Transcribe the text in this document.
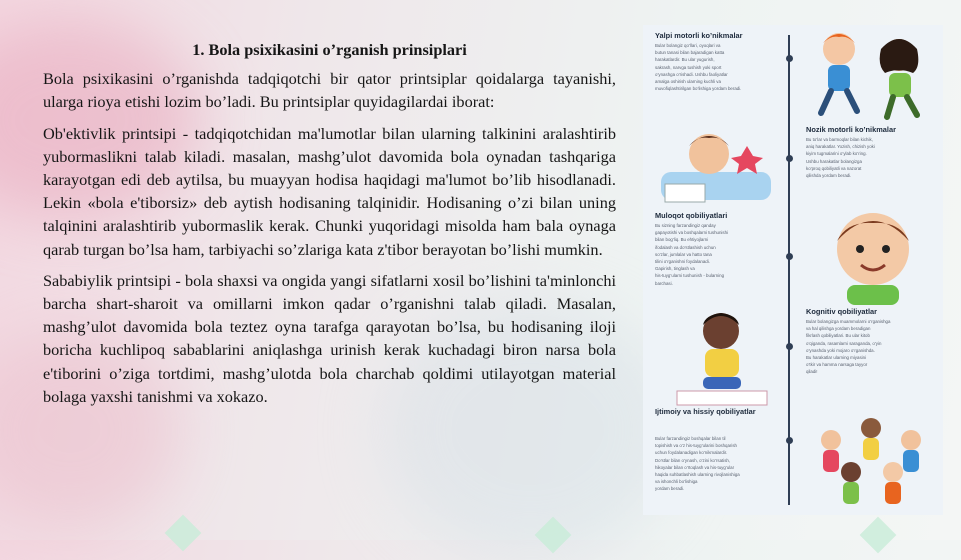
1. Bola psixikasini o’rganish prinsiplari

Bola psixikasini o’rganishda tadqiqotchi bir qator printsiplar qoidalarga tayanishi, ularga rioya etishi lozim bo’ladi. Bu printsiplar quyidagilardai iborat:

Ob'ektivlik printsipi - tadqiqotchidan ma'lumotlar bilan ularning talkinini aralashtirib yubormaslikni talab kiladi. masalan, mashg’ulot davomida bola oynadan tashqariga karayotgan edi deb aytilsa, bu muayyan hodisa haqidagi ma'lumot bo’lib hisodlanadi. Lekin «bola e'tiborsiz» deb aytish hodisaning talqinidir. Hodisaning o’zi bilan uning talqinini aralashtirib yubormaslik kerak. Chunki yuqoridagi misolda ham bala oynaga qarab turgan bo’lsa ham, tarbiyachi so’zlariga kata z'tibor berayotan bo’lishi mumkin.

Sababiylik printsipi - bola shaxsi va ongida yangi sifatlarni xosil bo’lishini ta'minlonchi barcha shart-sharoit va omillarni imkon qadar o’rganishni talab qiladi. Masalan, mashg’ulot davomida bola teztez oyna tarafga qarayotan bo’lsa, bu hodisaning iloji boricha kuchlipoq sabablarini aniqlashga urinish kerak kuchadagi biron narsa bola e'tiborini o’ziga tortdimi, mashg’ulotda bola charchab qoldimi utilayotgan material bolaga yaxshi tanishmi va xokazo.

Yalpi motorli ko’nikmalar
Bular bolangiz qo’llari, oyoqlari va
butun tanasi bilan bajaradigan katta
harakatlardir. Bu ular yugurish,
sakrash, narvga tushish yoki sport
o’ynashga o’rishadi. Ushbu faoliyatlar
amalga oshirish ularning kuchli va
muvofiqlashtirilgan bo’lishiga yordam beradi.
Nozik motorli ko’nikmalar
Bu to’lar va barmoqlar bilan kichik,
aniq harakatlar. Yozish, chizish yoki
kiyim tugmalarini o’ylab ko’ring.
Ushbu harakatlar bolangizga
ko’proq qobiliyatli va nazorat
qilishda yordam beradi.
Muloqot qobiliyatlari
Bu sizning farzandingiz qanday
gapayotishi va boshqalarni tushunishi
bilan bog’liq. Bu ehtiyojlarni
ifodalash va do’stlashish uchun
so’zlar, jumlalar va hatto tana
tilini o’rganishni foydalanadi.
Gapirish, tinglash va
his-tuyg’ularni tushunish - bularning
barchasi.
Kognitiv qobiliyatlar
Bular bolangizga muammolarni o’rganishga
va hal qilishga yordam beradigan
fikrlash qobiliyatlari. Bu ular kitob
o’qiganda, rasamlarni saraganda, o’yin
o’ynashda yoki mojaro o’rganishda.
Bu harakatlar ularning miyasini
o’tkir va hamma narsaga tayyor
qiladi!
Ijtimoiy va hissiy qobiliyatlar
Bular farzandingiz boshqalar bilan til
topishish va o’z his-tuyg’ularini boshqarish
uchun foydalanadigan ko’nikmalardir.
Do’stlar bilan o’ynash, o’zini ko’rsatish,
hikoyalar bilan o’rtoqlash va his-tuyg’ular
haqida suhbatlashish ularning rivojlanishiga
va ishonchli bo’lishiga
yordam beradi.
